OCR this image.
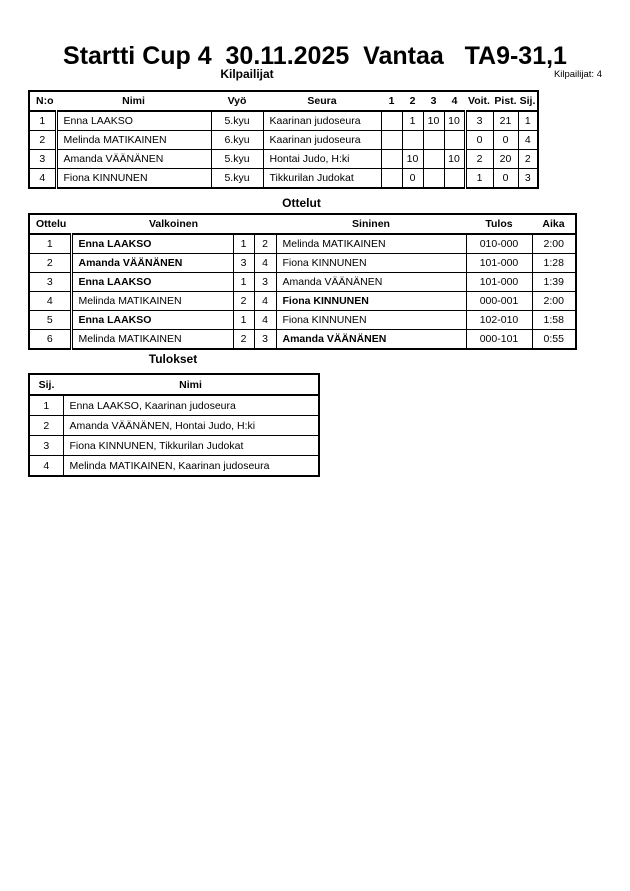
Startti Cup 4  30.11.2025  Vantaa   TA9-31,1
Kilpailijat: 4
Kilpailijat
N:o	Nimi	Vyö	Seura	1	2	3	4	Voit.	Pist.	Sij.
1	Enna LAAKSO	5.kyu	Kaarinan judoseura		1	10	10	3	21	1
2	Melinda MATIKAINEN	6.kyu	Kaarinan judoseura					0	0	4
3	Amanda VÄÄNÄNEN	5.kyu	Hontai Judo, H:ki		10		10	2	20	2
4	Fiona KINNUNEN	5.kyu	Tikkurilan Judokat		0			1	0	3
Ottelut
Ottelu	Valkoinen			Sininen	Tulos	Aika
1	Enna LAAKSO	1	2	Melinda MATIKAINEN	010-000	2:00
2	Amanda VÄÄNÄNEN	3	4	Fiona KINNUNEN	101-000	1:28
3	Enna LAAKSO	1	3	Amanda VÄÄNÄNEN	101-000	1:39
4	Melinda MATIKAINEN	2	4	Fiona KINNUNEN	000-001	2:00
5	Enna LAAKSO	1	4	Fiona KINNUNEN	102-010	1:58
6	Melinda MATIKAINEN	2	3	Amanda VÄÄNÄNEN	000-101	0:55
Tulokset
Sij.	Nimi
1	Enna LAAKSO, Kaarinan judoseura
2	Amanda VÄÄNÄNEN, Hontai Judo, H:ki
3	Fiona KINNUNEN, Tikkurilan Judokat
4	Melinda MATIKAINEN, Kaarinan judoseura
